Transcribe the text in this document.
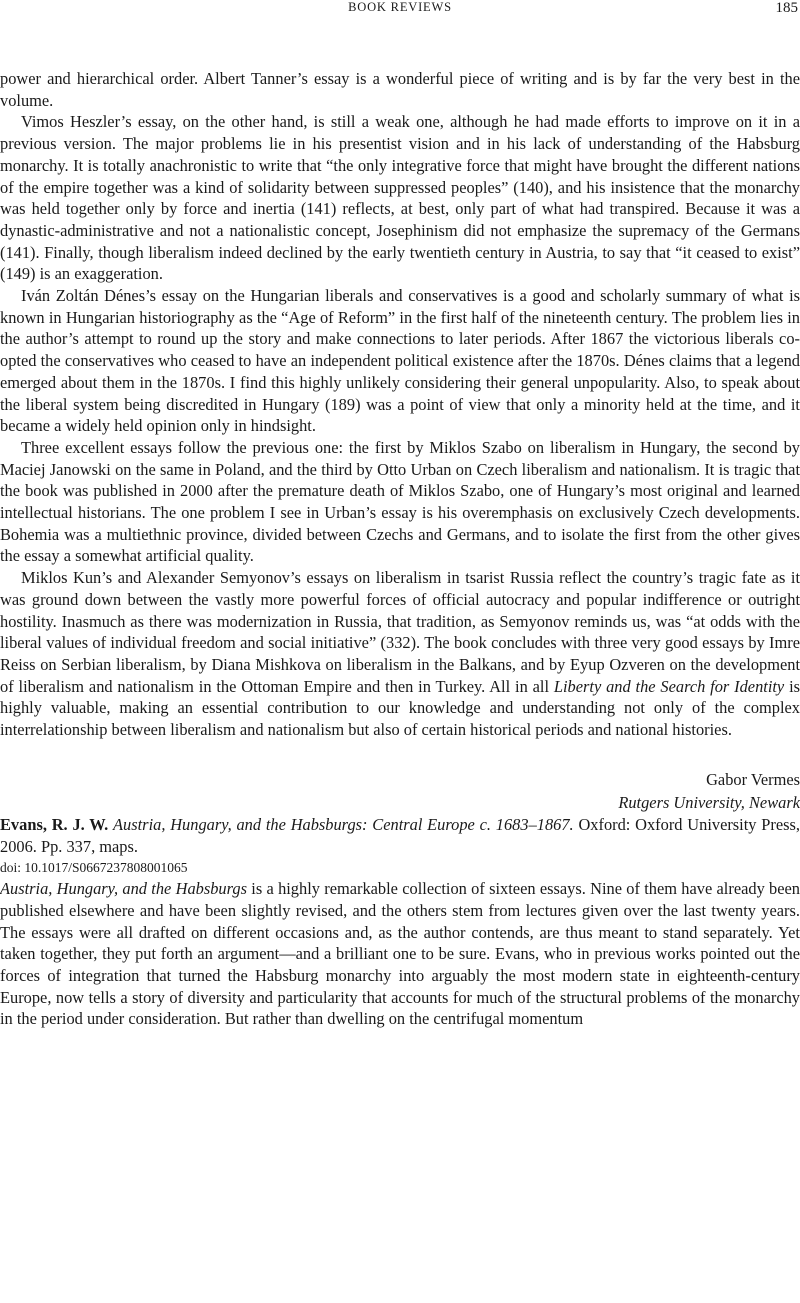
BOOK REVIEWS	185

power and hierarchical order. Albert Tanner’s essay is a wonderful piece of writing and is by far the very best in the volume.

Vimos Heszler’s essay, on the other hand, is still a weak one, although he had made efforts to improve on it in a previous version. The major problems lie in his presentist vision and in his lack of understanding of the Habsburg monarchy. It is totally anachronistic to write that “the only integrative force that might have brought the different nations of the empire together was a kind of solidarity between suppressed peoples” (140), and his insistence that the monarchy was held together only by force and inertia (141) reflects, at best, only part of what had transpired. Because it was a dynastic-administrative and not a nationalistic concept, Josephinism did not emphasize the supremacy of the Germans (141). Finally, though liberalism indeed declined by the early twentieth century in Austria, to say that “it ceased to exist” (149) is an exaggeration.

Iván Zoltán Dénes’s essay on the Hungarian liberals and conservatives is a good and scholarly summary of what is known in Hungarian historiography as the “Age of Reform” in the first half of the nineteenth century. The problem lies in the author’s attempt to round up the story and make connections to later periods. After 1867 the victorious liberals co-opted the conservatives who ceased to have an independent political existence after the 1870s. Dénes claims that a legend emerged about them in the 1870s. I find this highly unlikely considering their general unpopularity. Also, to speak about the liberal system being discredited in Hungary (189) was a point of view that only a minority held at the time, and it became a widely held opinion only in hindsight.

Three excellent essays follow the previous one: the first by Miklos Szabo on liberalism in Hungary, the second by Maciej Janowski on the same in Poland, and the third by Otto Urban on Czech liberalism and nationalism. It is tragic that the book was published in 2000 after the premature death of Miklos Szabo, one of Hungary’s most original and learned intellectual historians. The one problem I see in Urban’s essay is his overemphasis on exclusively Czech developments. Bohemia was a multiethnic province, divided between Czechs and Germans, and to isolate the first from the other gives the essay a somewhat artificial quality.

Miklos Kun’s and Alexander Semyonov’s essays on liberalism in tsarist Russia reflect the country’s tragic fate as it was ground down between the vastly more powerful forces of official autocracy and popular indifference or outright hostility. Inasmuch as there was modernization in Russia, that tradition, as Semyonov reminds us, was “at odds with the liberal values of individual freedom and social initiative” (332). The book concludes with three very good essays by Imre Reiss on Serbian liberalism, by Diana Mishkova on liberalism in the Balkans, and by Eyup Ozveren on the development of liberalism and nationalism in the Ottoman Empire and then in Turkey. All in all Liberty and the Search for Identity is highly valuable, making an essential contribution to our knowledge and understanding not only of the complex interrelationship between liberalism and nationalism but also of certain historical periods and national histories.

Gabor Vermes
Rutgers University, Newark

Evans, R. J. W. Austria, Hungary, and the Habsburgs: Central Europe c. 1683–1867. Oxford: Oxford University Press, 2006. Pp. 337, maps.

doi: 10.1017/S0667237808001065

Austria, Hungary, and the Habsburgs is a highly remarkable collection of sixteen essays. Nine of them have already been published elsewhere and have been slightly revised, and the others stem from lectures given over the last twenty years. The essays were all drafted on different occasions and, as the author contends, are thus meant to stand separately. Yet taken together, they put forth an argument—and a brilliant one to be sure. Evans, who in previous works pointed out the forces of integration that turned the Habsburg monarchy into arguably the most modern state in eighteenth-century Europe, now tells a story of diversity and particularity that accounts for much of the structural problems of the monarchy in the period under consideration. But rather than dwelling on the centrifugal momentum
